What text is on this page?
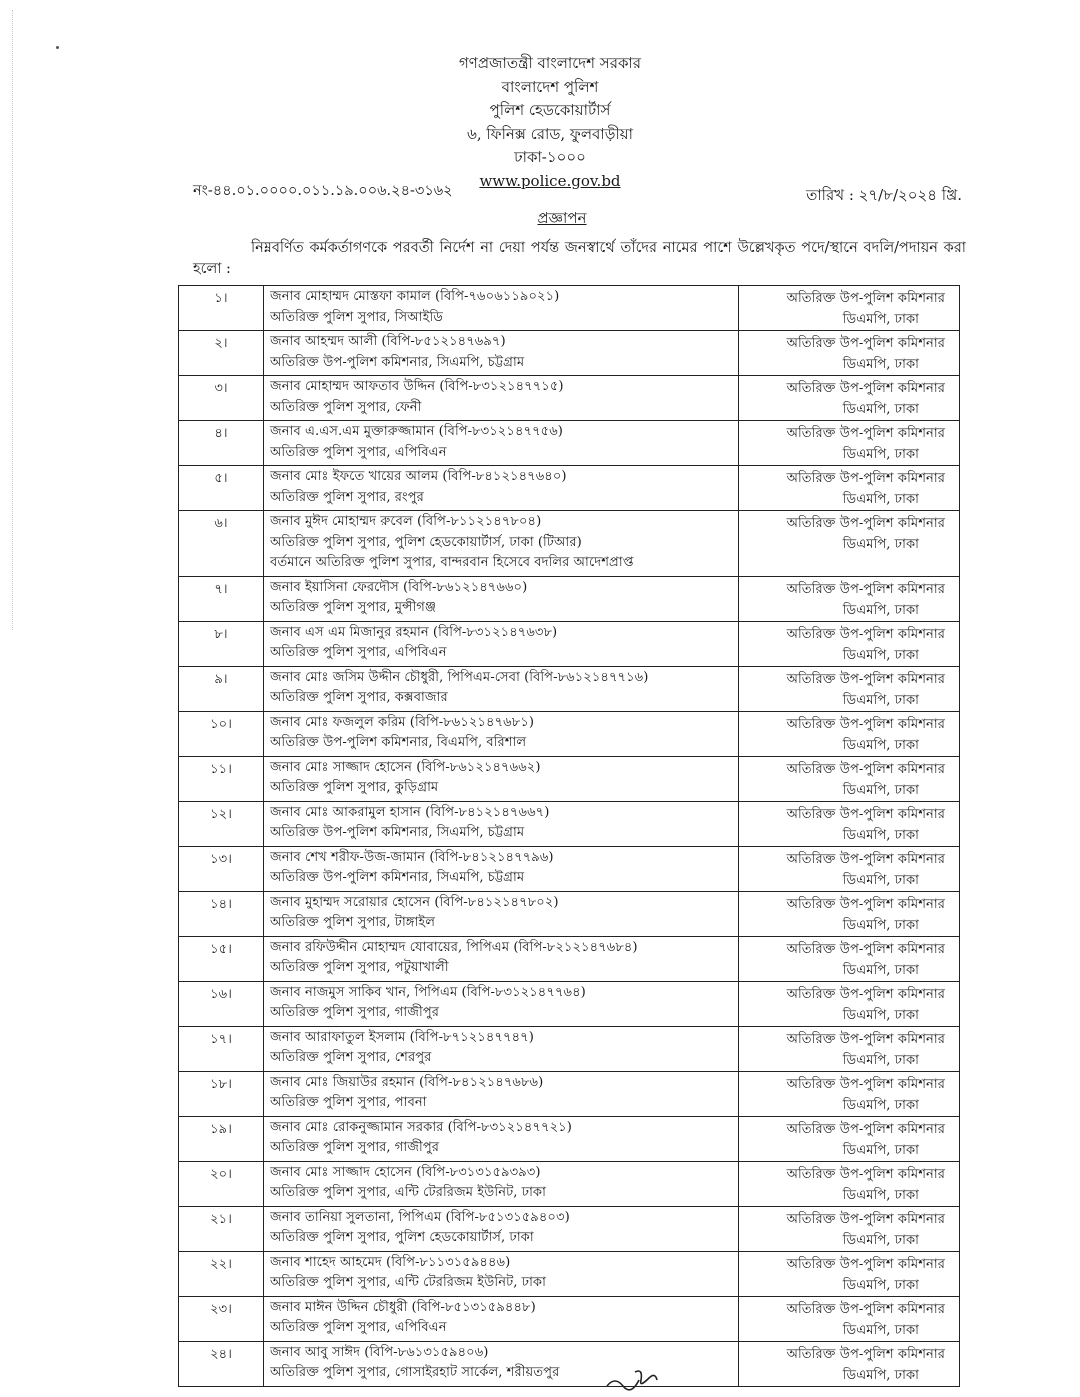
গণপ্রজাতন্ত্রী বাংলাদেশ সরকার
বাংলাদেশ পুলিশ
পুলিশ হেডকোয়ার্টার্স
৬, ফিনিক্স রোড, ফুলবাড়ীয়া
ঢাকা-১০০০
www.police.gov.bd
নং-৪৪.০১.০০০০.০১১.১৯.০০৬.২৪-৩১৬২	তারিখ : ২৭/৮/২০২৪ খ্রি.
প্রজ্ঞাপন
নিম্নবর্ণিত কর্মকর্তাগণকে পরবর্তী নির্দেশ না দেয়া পর্যন্ত জনস্বার্থে তাঁদের নামের পাশে উল্লেখকৃত পদে/স্থানে বদলি/পদায়ন করা হলো :
১।	জনাব মোহাম্মদ মোস্তফা কামাল (বিপি-৭৬০৬১১৯০২১)
অতিরিক্ত পুলিশ সুপার, সিআইডি	অতিরিক্ত উপ-পুলিশ কমিশনার
ডিএমপি, ঢাকা

২।	জনাব আহম্মদ আলী (বিপি-৮৫১২১৪৭৬৯৭)
অতিরিক্ত উপ-পুলিশ কমিশনার, সিএমপি, চট্টগ্রাম	অতিরিক্ত উপ-পুলিশ কমিশনার
ডিএমপি, ঢাকা

৩।	জনাব মোহাম্মদ আফতাব উদ্দিন (বিপি-৮৩১২১৪৭৭১৫)
অতিরিক্ত পুলিশ সুপার, ফেনী	অতিরিক্ত উপ-পুলিশ কমিশনার
ডিএমপি, ঢাকা

৪।	জনাব এ.এস.এম মুক্তারুজ্জামান (বিপি-৮৩১২১৪৭৭৫৬)
অতিরিক্ত পুলিশ সুপার, এপিবিএন	অতিরিক্ত উপ-পুলিশ কমিশনার
ডিএমপি, ঢাকা

৫।	জনাব মোঃ ইফতে খায়ের আলম (বিপি-৮৪১২১৪৭৬৪০)
অতিরিক্ত পুলিশ সুপার, রংপুর	অতিরিক্ত উপ-পুলিশ কমিশনার
ডিএমপি, ঢাকা

৬।	জনাব মুঈদ মোহাম্মদ রুবেল (বিপি-৮১১২১৪৭৮০৪)
অতিরিক্ত পুলিশ সুপার, পুলিশ হেডকোয়ার্টার্স, ঢাকা (টিআর)
বর্তমানে অতিরিক্ত পুলিশ সুপার, বান্দরবান হিসেবে বদলির আদেশপ্রাপ্ত	অতিরিক্ত উপ-পুলিশ কমিশনার
ডিএমপি, ঢাকা

৭।	জনাব ইয়াসিনা ফেরদৌস (বিপি-৮৬১২১৪৭৬৬০)
অতিরিক্ত পুলিশ সুপার, মুন্সীগঞ্জ	অতিরিক্ত উপ-পুলিশ কমিশনার
ডিএমপি, ঢাকা

৮।	জনাব এস এম মিজানুর রহমান (বিপি-৮৩১২১৪৭৬৩৮)
অতিরিক্ত পুলিশ সুপার, এপিবিএন	অতিরিক্ত উপ-পুলিশ কমিশনার
ডিএমপি, ঢাকা

৯।	জনাব মোঃ জসিম উদ্দীন চৌধুরী, পিপিএম-সেবা (বিপি-৮৬১২১৪৭৭১৬)
অতিরিক্ত পুলিশ সুপার, কক্সবাজার	অতিরিক্ত উপ-পুলিশ কমিশনার
ডিএমপি, ঢাকা

১০।	জনাব মোঃ ফজলুল করিম (বিপি-৮৬১২১৪৭৬৮১)
অতিরিক্ত উপ-পুলিশ কমিশনার, বিএমপি, বরিশাল	অতিরিক্ত উপ-পুলিশ কমিশনার
ডিএমপি, ঢাকা

১১।	জনাব মোঃ সাজ্জাদ হোসেন (বিপি-৮৬১২১৪৭৬৬২)
অতিরিক্ত পুলিশ সুপার, কুড়িগ্রাম	অতিরিক্ত উপ-পুলিশ কমিশনার
ডিএমপি, ঢাকা

১২।	জনাব মোঃ আকরামুল হাসান (বিপি-৮৪১২১৪৭৬৬৭)
অতিরিক্ত উপ-পুলিশ কমিশনার, সিএমপি, চট্টগ্রাম	অতিরিক্ত উপ-পুলিশ কমিশনার
ডিএমপি, ঢাকা

১৩।	জনাব শেখ শরীফ-উজ-জামান (বিপি-৮৪১২১৪৭৭৯৬)
অতিরিক্ত উপ-পুলিশ কমিশনার, সিএমপি, চট্টগ্রাম	অতিরিক্ত উপ-পুলিশ কমিশনার
ডিএমপি, ঢাকা

১৪।	জনাব মুহাম্মদ সরোয়ার হোসেন (বিপি-৮৪১২১৪৭৮০২)
অতিরিক্ত পুলিশ সুপার, টাঙ্গাইল	অতিরিক্ত উপ-পুলিশ কমিশনার
ডিএমপি, ঢাকা

১৫।	জনাব রফিউদ্দীন মোহাম্মদ যোবায়ের, পিপিএম (বিপি-৮২১২১৪৭৬৮৪)
অতিরিক্ত পুলিশ সুপার, পটুয়াখালী	অতিরিক্ত উপ-পুলিশ কমিশনার
ডিএমপি, ঢাকা

১৬।	জনাব নাজমুস সাকিব খান, পিপিএম (বিপি-৮৩১২১৪৭৭৬৪)
অতিরিক্ত পুলিশ সুপার, গাজীপুর	অতিরিক্ত উপ-পুলিশ কমিশনার
ডিএমপি, ঢাকা

১৭।	জনাব আরাফাতুল ইসলাম (বিপি-৮৭১২১৪৭৭৪৭)
অতিরিক্ত পুলিশ সুপার, শেরপুর	অতিরিক্ত উপ-পুলিশ কমিশনার
ডিএমপি, ঢাকা

১৮।	জনাব মোঃ জিয়াউর রহমান (বিপি-৮৪১২১৪৭৬৮৬)
অতিরিক্ত পুলিশ সুপার, পাবনা	অতিরিক্ত উপ-পুলিশ কমিশনার
ডিএমপি, ঢাকা

১৯।	জনাব মোঃ রোকনুজ্জামান সরকার (বিপি-৮৩১২১৪৭৭২১)
অতিরিক্ত পুলিশ সুপার, গাজীপুর	অতিরিক্ত উপ-পুলিশ কমিশনার
ডিএমপি, ঢাকা

২০।	জনাব মোঃ সাজ্জাদ হোসেন (বিপি-৮৩১৩১৫৯৩৯৩)
অতিরিক্ত পুলিশ সুপার, এন্টি টেররিজম ইউনিট, ঢাকা	অতিরিক্ত উপ-পুলিশ কমিশনার
ডিএমপি, ঢাকা

২১।	জনাব তানিয়া সুলতানা, পিপিএম (বিপি-৮৫১৩১৫৯৪০৩)
অতিরিক্ত পুলিশ সুপার, পুলিশ হেডকোয়ার্টার্স, ঢাকা	অতিরিক্ত উপ-পুলিশ কমিশনার
ডিএমপি, ঢাকা

২২।	জনাব শাহেদ আহমেদ (বিপি-৮১১৩১৫৯৪৪৬)
অতিরিক্ত পুলিশ সুপার, এন্টি টেররিজম ইউনিট, ঢাকা	অতিরিক্ত উপ-পুলিশ কমিশনার
ডিএমপি, ঢাকা

২৩।	জনাব মাঈন উদ্দিন চৌধুরী (বিপি-৮৫১৩১৫৯৪৪৮)
অতিরিক্ত পুলিশ সুপার, এপিবিএন	অতিরিক্ত উপ-পুলিশ কমিশনার
ডিএমপি, ঢাকা

২৪।	জনাব আবু সাঈদ (বিপি-৮৬১৩১৫৯৪০৬)
অতিরিক্ত পুলিশ সুপার, গোসাইরহাট সার্কেল, শরীয়তপুর	অতিরিক্ত উপ-পুলিশ কমিশনার
ডিএমপি, ঢাকা
